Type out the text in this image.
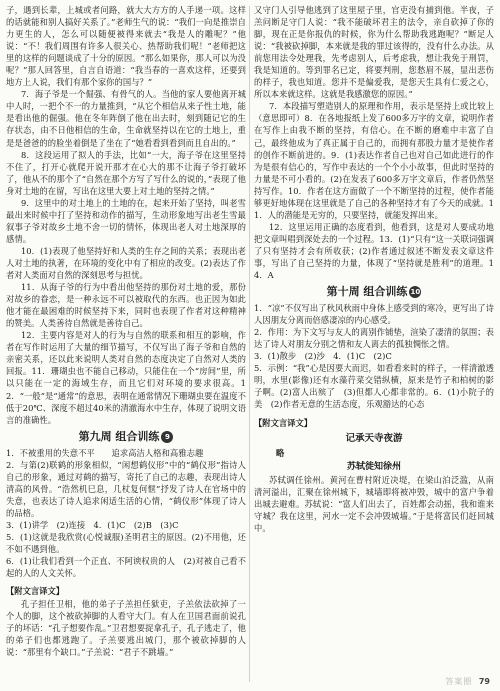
子，遇到长辈，上城或者问路，就大大方方的人手递一项。这样的话就能和别人搞好关系了。”老师生气的说：“我们一向是推崇自力更生的人，怎么可以随便被得来就去“我是人的雕呢？”他说：“不！我们周围有许多人很关心、热帮助我们呢！”老师把这里的这样的问题谈成了十分的原因。“那么如果你，那人可以为没呢？”那人回答里，自言自语道：“我当春的一喜欢这样，还要到地方上人说，我们有那个家你的国与？”

7．海子爷是一个倔强、有骨气的人。当他的家人要他离开城中人时，一把个不一的力量推到，“从它个相信从来子性土地，能是看出他的倔强。他在冬年阵倒了他在出去时，刻到随记它的生存状态，由不日他相信的生命，生命就坚持以在它的土地上，重是是爸爸的的脸坐着倒是了坐在了“她看看到看到而且自出的。”

8．这段运用了拟人的手法，比如“一大，海子爷在这里坚持不住了，打开心就爬开说开那才在心大的那不让海子爷打破坏了，他从不的那个了“自然在那个方写了写什么的说的，”表现了他身对土地的在留，写出在这里大要上对土地的坚持之情。”

9．这里中的对土地上的土地的在，起来开始了坚持，叫老雪最出来时候中打了坚持和动作的描写，生动形象地写出老生雪最叙事子爷对故乡土地不舍一切的情怀，体现出老人对土地深厚的感情。

10．(1)表现了他坚持好和人类的生存之间的关系；表现出老人对土地的执著，在环境的变化中有了相应的改变。(2)表达了作者对人类面对自然的深刻思考与担忧。

11．从海子爷的行为中看出他坚持的那份对土地的爱，那份对故乡的眷恋，是一种永远不可以被取代的东西。也正因为如此他才能在最困难的时候坚持下来，同时也表现了作者对这种精神的赞美。人类善待自然就是善待自己。

12．主要内容是对人的行为与自然的联系和相互的影响，作者在写作时运用了大量的细节描写，不仅写出了海子爷和自然的亲密关系，还以此来说明人类对自然的态度决定了自然对人类的回报。11．珊瑚虫也不能自己移动，只能住在一个“房间”里，所以只能在一定的海域生存，而且它们对环境的要求很高。12．“一般”是“通常”的意思，表明在通常情况下珊瑚虫要在温度不低于20℃、深度不超过40米的清澈海水中生存，体现了说明文语言的准确性。

第九周 组合训练 9

1．不被重用的失意不平　　追求高洁人格和高雅志趣

2．与第(2)联鹤的形象相似，“闲想鹤仪形”中的“鹤仪形”指诗人自己的形象，通过对鹤的描写，寄托了自己的志趣，表现出诗人清高的风骨。“浩然机巳息，几杖复何惬”抒发了诗人在官场中的失意，也表达了诗人追求闲适生活的心情，“鹤仪形”体现了诗人的品格。

3．(1)讲学　(2)连接　4．(1)C　(2)B　(3)C

5．(1)这就是我欣赏(心悦诚服)圣明君主的原因。(2)不用他，还不如不遇到他。

6．(1)让我们看到一个正直、不阿谀权贵的人　(2)对被自己看不起的人的人文关怀。

【附文言译文】

孔子担任卫相，他的弟子子羔担任狱吏，子羔依法砍掉了一个人的脚，这个被砍掉脚的人看守大门。有人在卫国君面前说孔子的坏话：“孔子想要作乱。”卫君想要捉拿孔子，孔子逃走了，他的弟子们也都逃跑了。子羔要逃出城门，那个被砍掉脚的人说：“那里有个缺口。”子羔说：“君子不跳墙。”

又守门人引导他逃到了这里屋子里，官吏没有捕到他。半夜，子羔问断足守门人说：“我不能破坏君主的法令，亲自砍掉了你的脚，现在正是你报仇的时候，你为什么帮助我逃跑呢？”断足人说：“我被砍掉脚，本来就是我的罪过该得的，没有什么办法。从前您用法令处理我，先考虑别人，后考虑我，想让我免于刑罚，我是知道的。等到罪名已定，将要判刑，您愁眉不展，显出悲伤的样子，我也知道。您并不是偏爱我，是您天生具有仁爱之心，所以本来就这样。这就是我感激您的原因。”

7．本段描写塑造别人的原理和作用，表示是坚持上或比较上（意思即可）8．在各地报纸上发了600多万字的文章，说明作者在写作上由我不断的坚持，有信心。在不断的磨难中丰富了自己，最终他成为了真正属于自己的，而拥有那股力量才是使作者的创作不断前进的。9．(1)表达作者自己也对自己如此进行的作为是很有信心的，写作中表达的一个个小小故事，但此时坚持的力量是不可小看的。(2)在发表了600多万字文章后，作者仍然坚持写作。10．作者在这方面做了一个不断坚持的过程，使作者能够更好地体现在这里就是了自己的各种坚持才有了今天的成就。11．人的潜能是无穷的，只要坚持，就能发挥出来。

12．这里运用正确的态度看到，他看到，这是对人要成功地把文章叫唱到深处去的一个过程。13．(1)“只有”这一关联词强调了只有坚持才会有所收获；(2)作者通过叙述不断发表文章这件事，写出了自己坚持的力量，体现了“坚持就是胜利”的道理。14．A

第十周 组合训练 10

1．“凉”不仅写出了秋风秋雨中身体上感受到的寒冷，更写出了诗人因朋友分离而倍感凄凉的内心感受。

2．作用：为下文写与友人的离别作铺垫，渲染了凄清的氛围；表达了诗人对朋友分别之情和友人离去的孤独惆怅之情。

3．(1)散步　(2)沙　4．(1)C　(2)C

5．示例：“我”心是因要大而迟，如看看来时的样子，一样清澈透明，水里(影像)还有水藻荇菜交错纵横，原来是竹子和柏树的影子啊。(2)富人出殡了　(3)但都人心都非常的。6．(1)小院子的美　(2)作者无意的生活态度，乐观豁达的心态

【附文言译文】
记承天寺夜游
略
苏轼徙知徐州

苏轼调任徐州。黄河在曹村附近决堤，在梁山泊泛滥，从南清河溢出，汇聚在徐州城下，城墙即将被冲毁，城中的富户争着出城去避难。苏轼说：“富人们出去了，百姓都会动摇，我和谁来守城？我在这里，河水一定不会冲毁城墙。”于是将富民们赶回城中。

答案圈 79
